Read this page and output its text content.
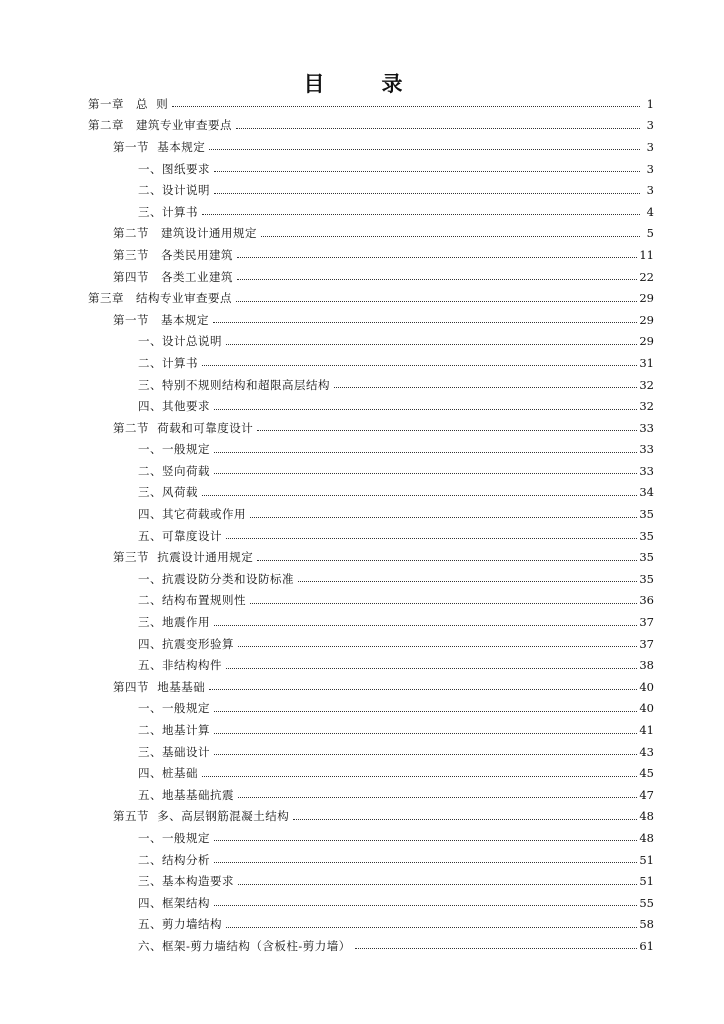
目　录
第一章　总  则	1
第二章　建筑专业审查要点	3
第一节  基本规定	3
一、图纸要求	3
二、设计说明	3
三、计算书	4
第二节　建筑设计通用规定	5
第三节　各类民用建筑	11
第四节　各类工业建筑	22
第三章　结构专业审查要点	29
第一节　基本规定	29
一、设计总说明	29
二、计算书	31
三、特别不规则结构和超限高层结构	32
四、其他要求	32
第二节  荷载和可靠度设计	33
一、一般规定	33
二、竖向荷载	33
三、风荷载	34
四、其它荷载或作用	35
五、可靠度设计	35
第三节  抗震设计通用规定	35
一、抗震设防分类和设防标准	35
二、结构布置规则性	36
三、地震作用	37
四、抗震变形验算	37
五、非结构构件	38
第四节  地基基础	40
一、一般规定	40
二、地基计算	41
三、基础设计	43
四、桩基础	45
五、地基基础抗震	47
第五节  多、高层钢筋混凝土结构	48
一、一般规定	48
二、结构分析	51
三、基本构造要求	51
四、框架结构	55
五、剪力墙结构	58
六、框架-剪力墙结构（含板柱-剪力墙）	61
